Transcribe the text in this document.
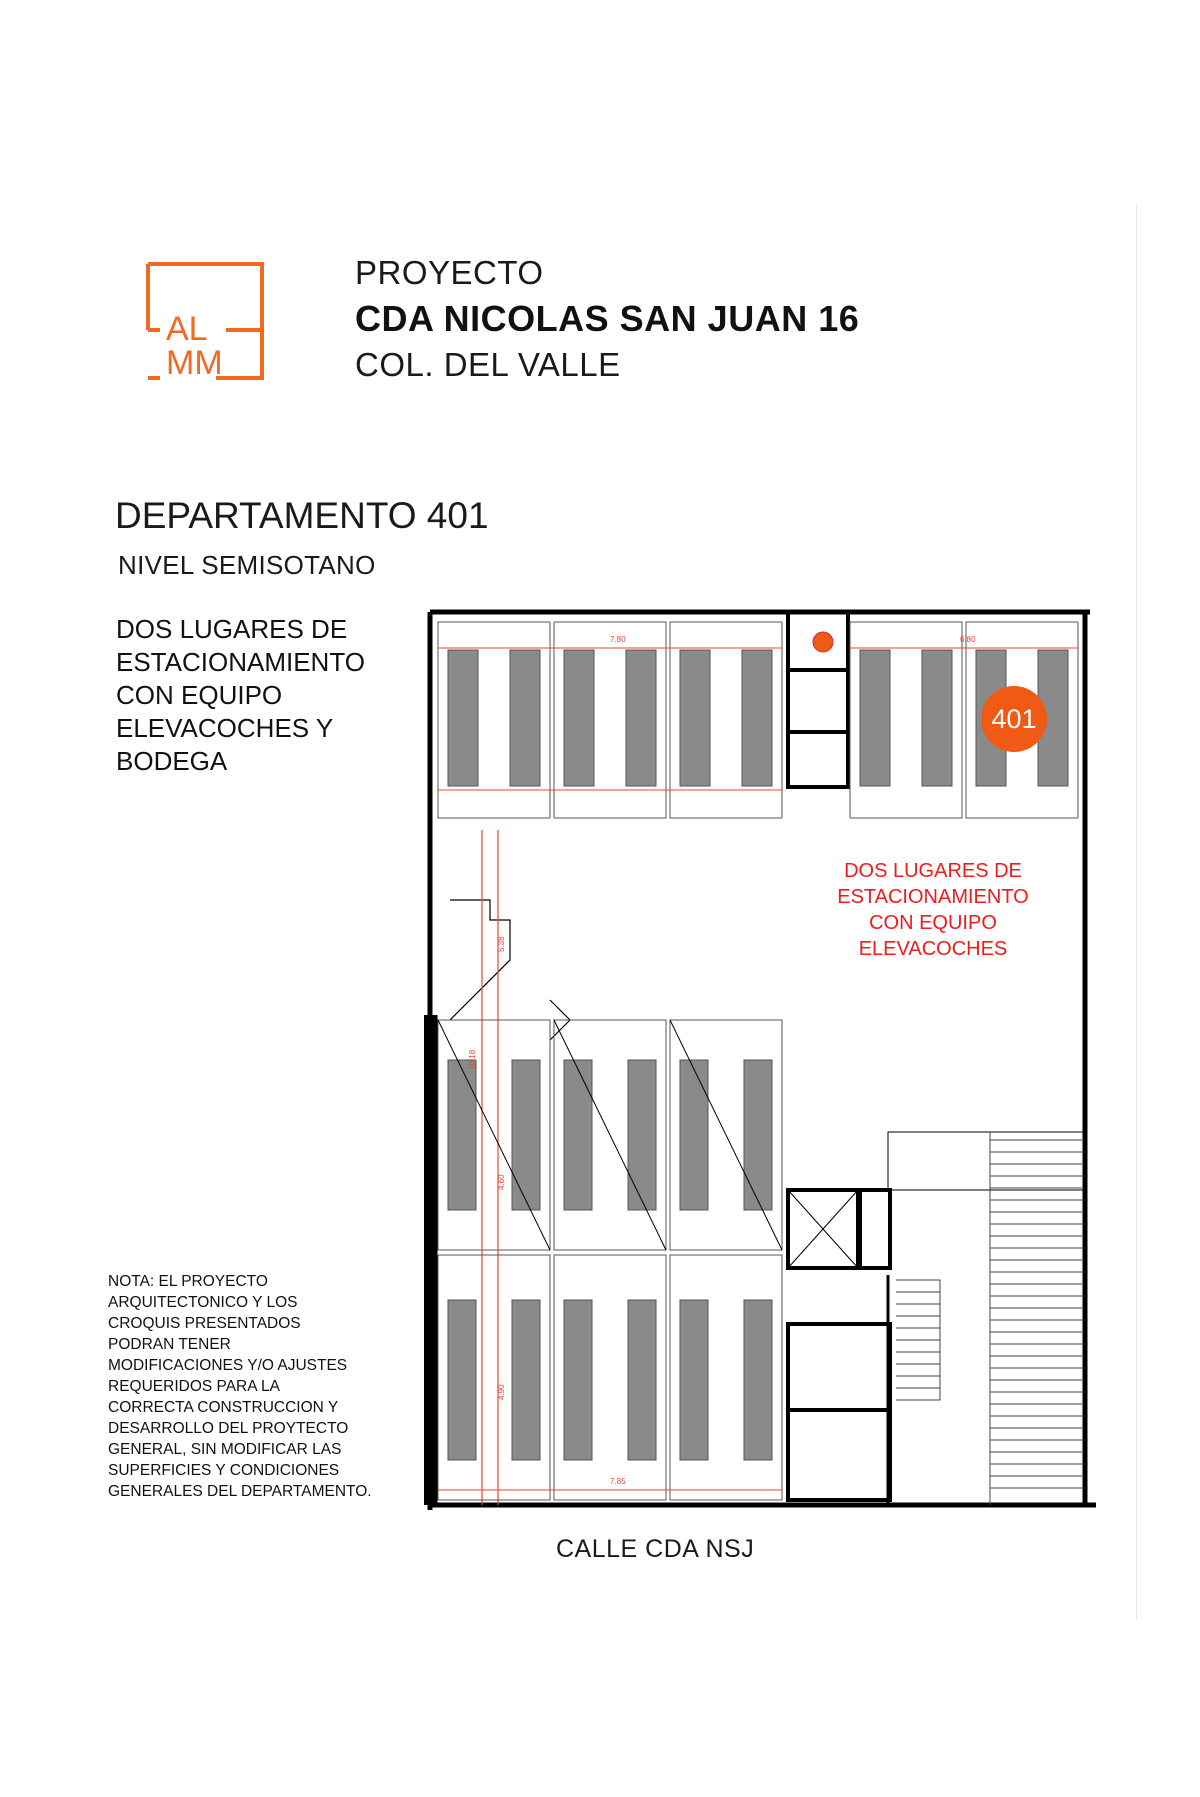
AL
MM
PROYECTO
CDA NICOLAS SAN JUAN 16
COL. DEL VALLE
DEPARTAMENTO 401
NIVEL SEMISOTANO
DOS LUGARES DE
ESTACIONAMIENTO
CON EQUIPO
ELEVACOCHES Y
BODEGA
7.80	6.80
5.38
10.18
4.60
4.90
7.85
DOS LUGARES DE
ESTACIONAMIENTO
CON EQUIPO
ELEVACOCHES
401
NOTA: EL PROYECTO
ARQUITECTONICO Y LOS
CROQUIS PRESENTADOS
PODRAN TENER
MODIFICACIONES Y/O AJUSTES
REQUERIDOS PARA LA
CORRECTA CONSTRUCCION Y
DESARROLLO DEL PROYTECTO
GENERAL, SIN MODIFICAR LAS
SUPERFICIES Y CONDICIONES
GENERALES DEL DEPARTAMENTO.
CALLE CDA NSJ
